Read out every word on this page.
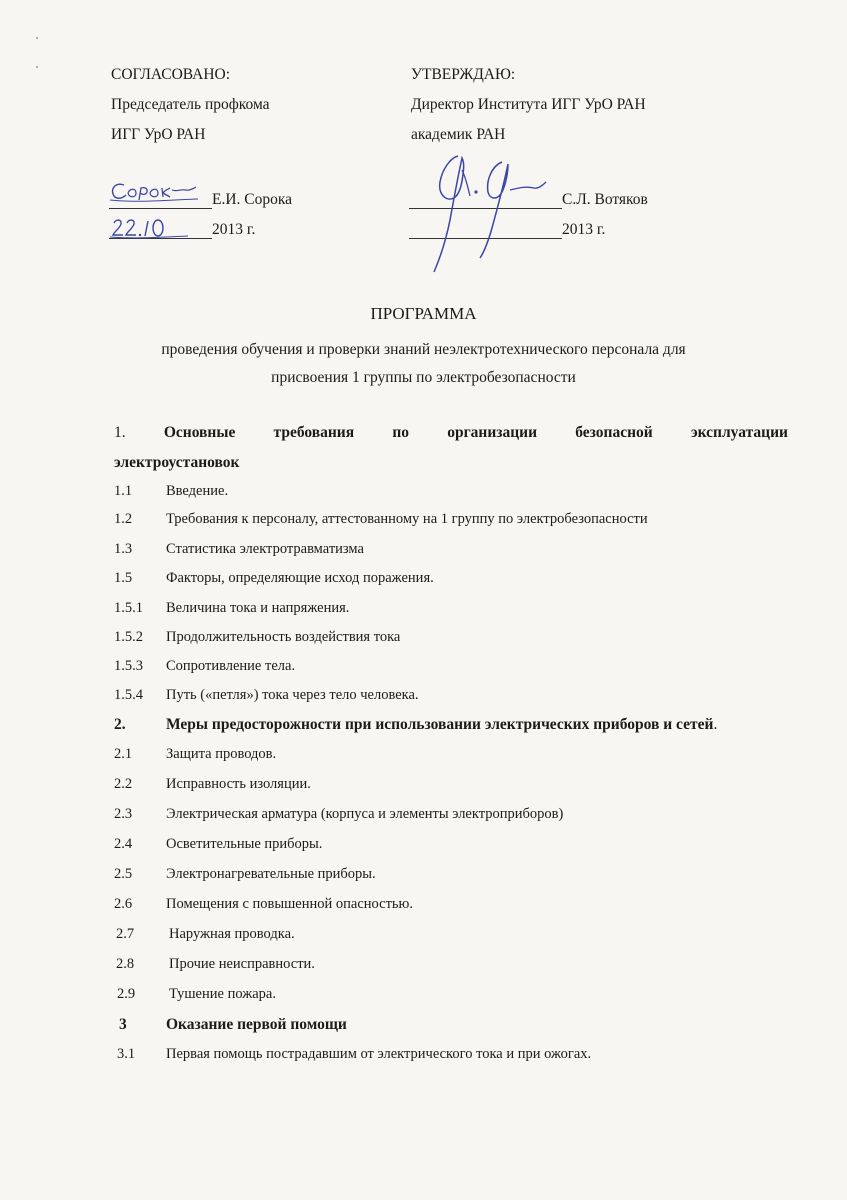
СОГЛАСОВАНО:
Председатель профкома
ИГГ УрО РАН
Е.И. Сорока
2013 г.
УТВЕРЖДАЮ:
Директор Института ИГГ УрО РАН
академик РАН
С.Л. Вотяков
2013 г.
ПРОГРАММА
проведения обучения и проверки знаний неэлектротехнического персонала для
присвоения 1 группы по электробезопасности
1. Основные требования по организации безопасной эксплуатации
электроустановок
1.1 Введение.
1.2 Требования к персоналу, аттестованному на 1 группу по электробезопасности
1.3 Статистика электротравматизма
1.5 Факторы, определяющие исход поражения.
1.5.1 Величина тока и напряжения.
1.5.2 Продолжительность воздействия тока
1.5.3 Сопротивление тела.
1.5.4 Путь («петля») тока через тело человека.
2.	Меры предосторожности при использовании электрических приборов и сетей.
2.1 Защита проводов.
2.2 Исправность изоляции.
2.3 Электрическая арматура (корпуса и элементы электроприборов)
2.4 Осветительные приборы.
2.5 Электронагревательные приборы.
2.6 Помещения с повышенной опасностью.
2.7 Наружная проводка.
2.8 Прочие неисправности.
2.9 Тушение пожара.
3	Оказание первой помощи
3.1 Первая помощь пострадавшим от электрического тока и при ожогах.
